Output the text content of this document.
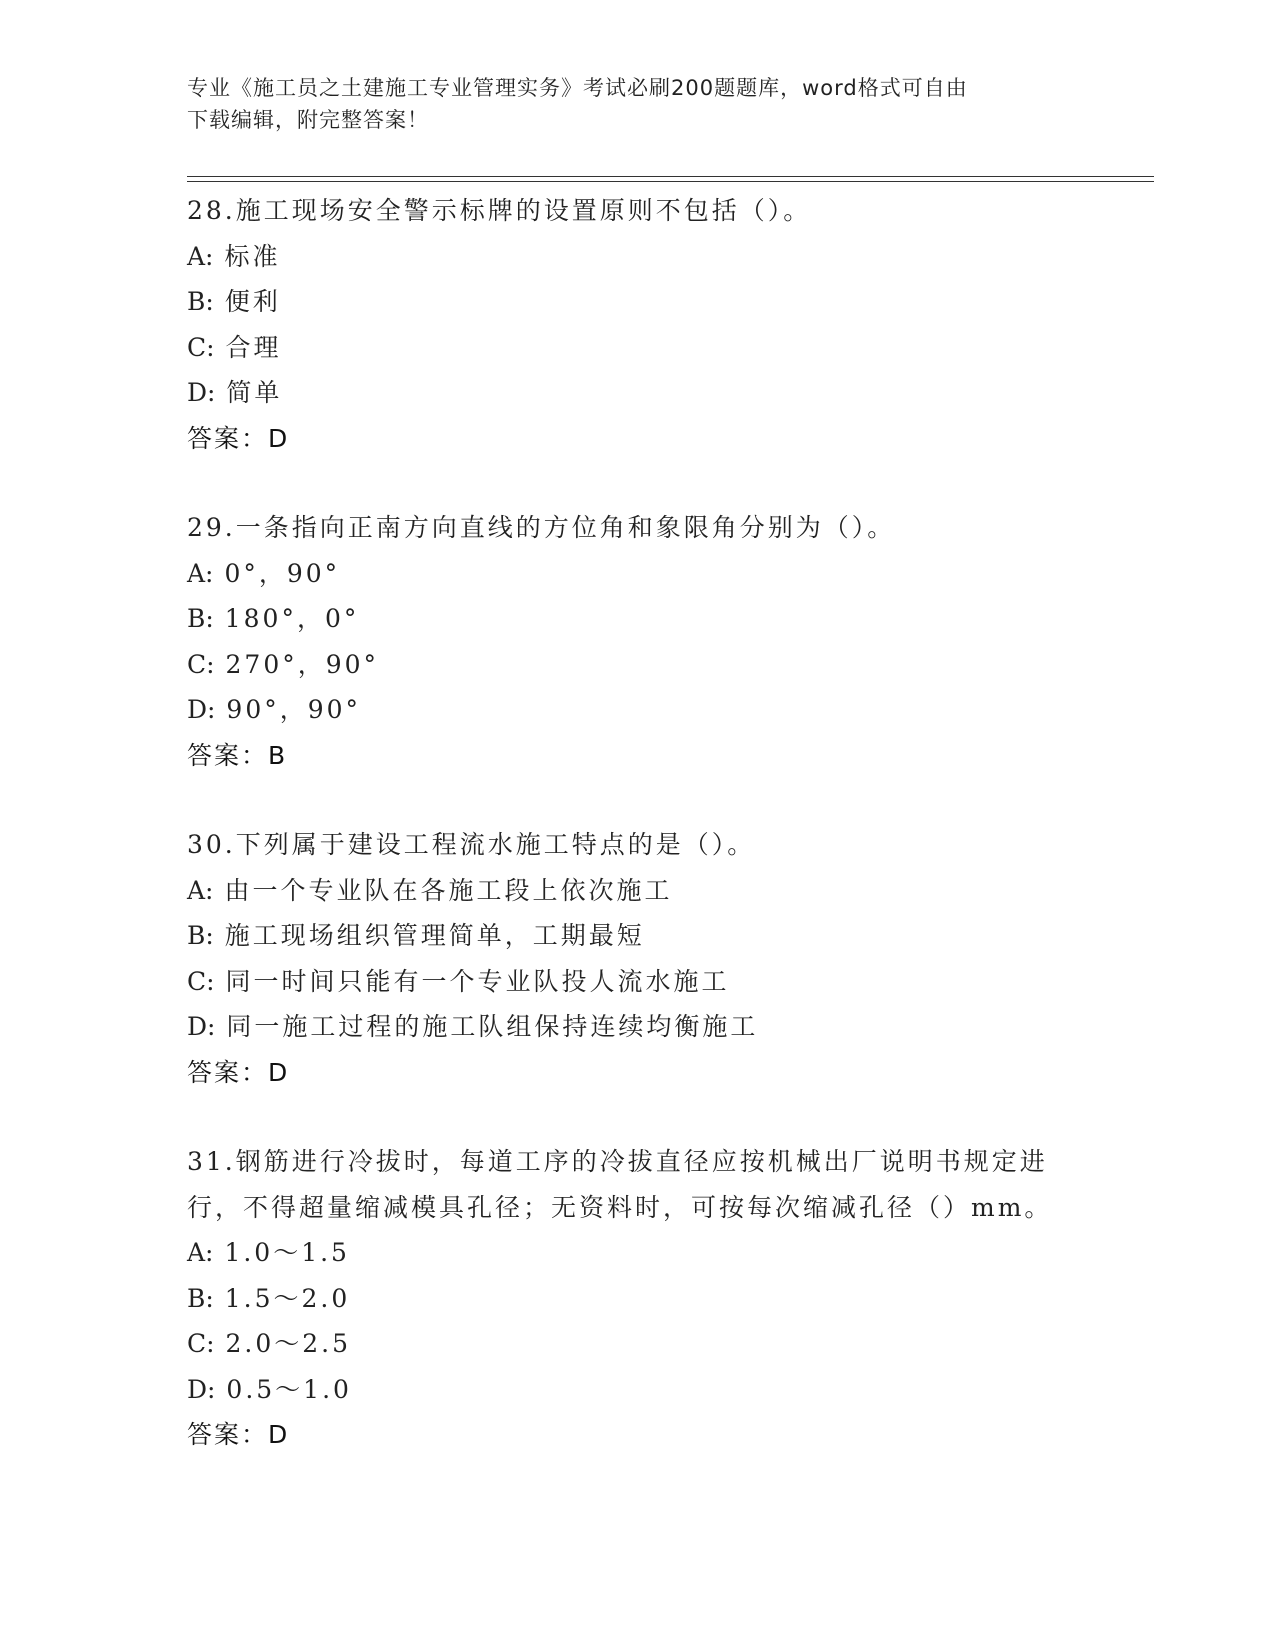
专业《施工员之土建施工专业管理实务》考试必刷200题题库，word格式可自由
下载编辑，附完整答案！
28.施工现场安全警示标牌的设置原则不包括（）。
A: 标准
B: 便利
C: 合理
D: 简单
答案：D
29.一条指向正南方向直线的方位角和象限角分别为（）。
A: 0°，90°
B: 180°，0°
C: 270°，90°
D: 90°，90°
答案：B
30.下列属于建设工程流水施工特点的是（）。
A: 由一个专业队在各施工段上依次施工
B: 施工现场组织管理简单，工期最短
C: 同一时间只能有一个专业队投人流水施工
D: 同一施工过程的施工队组保持连续均衡施工
答案：D
31.钢筋进行冷拔时，每道工序的冷拔直径应按机械出厂说明书规定进
行，不得超量缩减模具孔径；无资料时，可按每次缩减孔径（）mm。
A: 1.0～1.5
B: 1.5～2.0
C: 2.0～2.5
D: 0.5～1.0
答案：D
